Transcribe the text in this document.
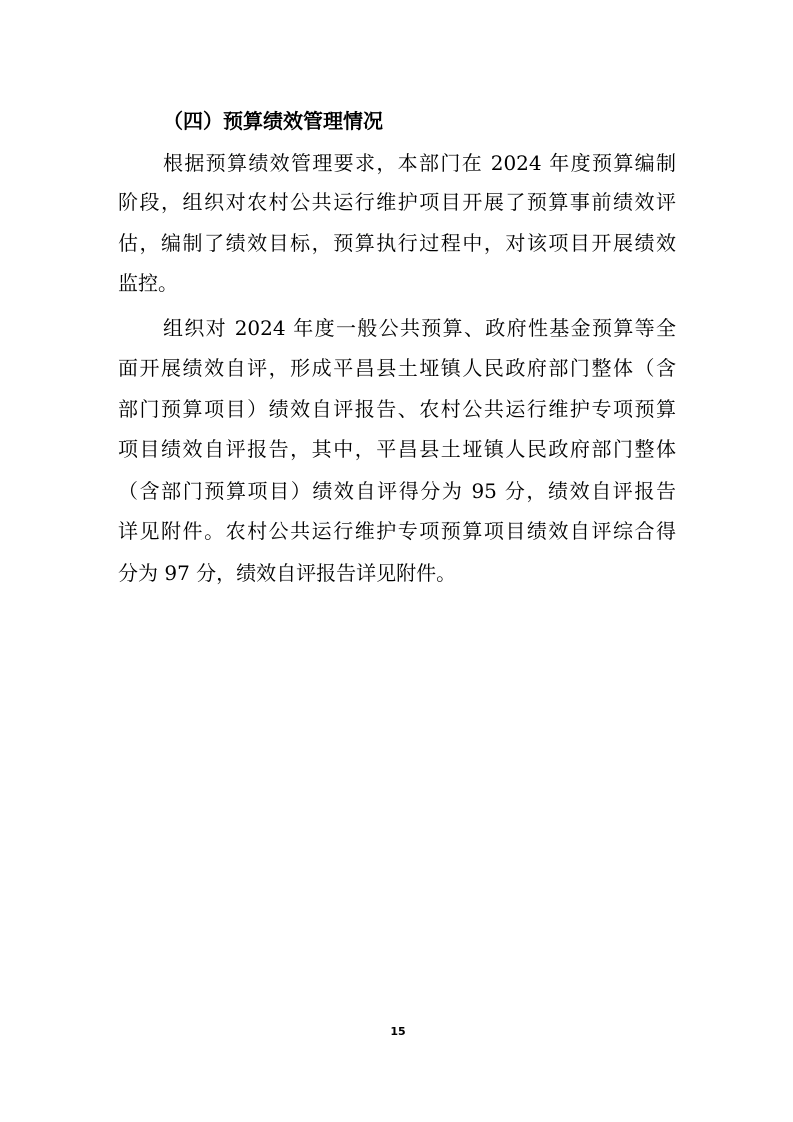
（四）预算绩效管理情况
根据预算绩效管理要求，本部门在 2024 年度预算编制
阶段，组织对农村公共运行维护项目开展了预算事前绩效评
估，编制了绩效目标，预算执行过程中，对该项目开展绩效
监控。
组织对 2024 年度一般公共预算、政府性基金预算等全
面开展绩效自评，形成平昌县土垭镇人民政府部门整体（含
部门预算项目）绩效自评报告、农村公共运行维护专项预算
项目绩效自评报告，其中，平昌县土垭镇人民政府部门整体
（含部门预算项目）绩效自评得分为 95 分，绩效自评报告
详见附件。农村公共运行维护专项预算项目绩效自评综合得
分为 97 分，绩效自评报告详见附件。
15
